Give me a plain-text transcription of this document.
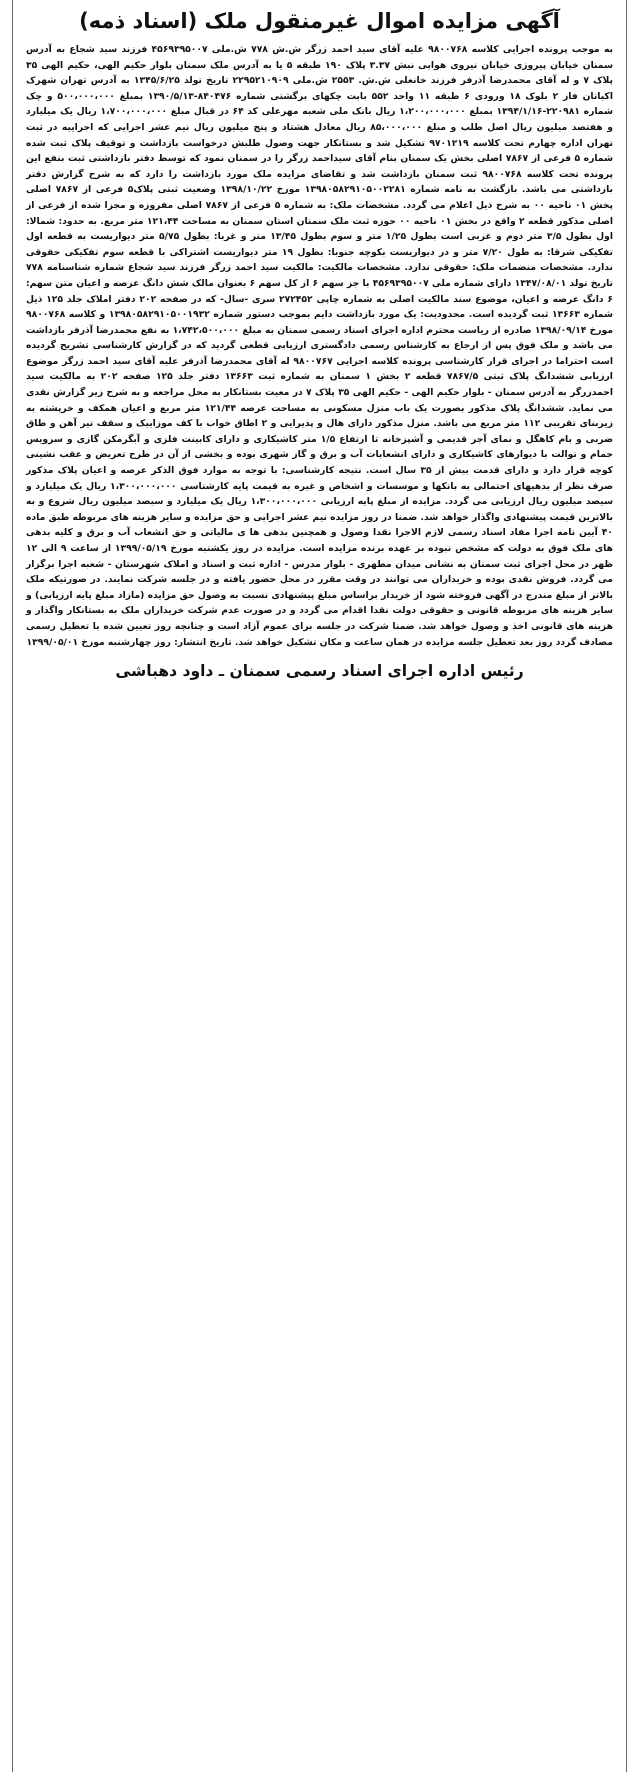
آگهی مزایده اموال غیرمنقول ملک (اسناد ذمه)

به موجب پرونده اجرایی کلاسه ۹۸۰۰۷۶۸ علیه آقای سید احمد زرگر ش.ش ۷۷۸ ش.ملی ۴۵۶۹۳۹۵۰۰۷ فرزند سید شجاع به آدرس سمنان خیابان پیروزی خیابان نیروی هوایی نبش ۳.۳۷ پلاک ۱۹۰ طبقه ۵ یا به آدرس ملک سمنان بلوار حکیم الهی، حکیم الهی ۳۵ پلاک ۷ و له آقای محمدرضا آذرفر فرزند خانعلی ش.ش. ۲۵۵۳ ش.ملی ۲۲۹۵۲۱۰۹۰۹ تاریخ تولد ۱۳۴۵/۶/۲۵ به آدرس تهران شهرک اکباتان فاز ۲ بلوک ۱۸ ورودی ۶ طبقه ۱۱ واحد ۵۵۲ بابت چکهای برگشتی شماره ۸۴۰۴۷۶-۱۳۹۰/۵/۱۳ بمبلغ ۵۰۰،۰۰۰،۰۰۰ و چک شماره ۲۲۰۹۸۱-۱۳۹۴/۱/۱۶ بمبلغ ۱،۲۰۰،۰۰۰،۰۰۰ ریال بانک ملی شعبه مهرعلی کد ۶۴ در قبال مبلغ ۱،۷۰۰،۰۰۰،۰۰۰ ریال یک میلیارد و هفتصد میلیون ریال اصل طلب و مبلغ ۸۵،۰۰۰،۰۰۰ ریال معادل هشتاد و پنج میلیون ریال نیم عشر اجرایی که اجراییه در ثبت تهران اداره چهارم تحت کلاسه ۹۷۰۱۲۱۹ تشکیل شد و بستانکار جهت وصول طلبش درخواست بازداشت و توقیف پلاک ثبت شده شماره ۵ فرعی از ۷۸۶۷ اصلی بخش یک سمنان بنام آقای سیداحمد زرگر را در سمنان نمود که توسط دفتر بازداشتی ثبت بنفع این پرونده تحت کلاسه ۹۸۰۰۷۶۸ ثبت سمنان بازداشت شد و تقاضای مزایده ملک مورد بازداشت را دارد که به شرح گزارش دفتر بازداشتی می باشد. بازگشت به نامه شماره ۱۳۹۸۰۵۸۲۹۱۰۵۰۰۲۲۸۱ مورخ ۱۳۹۸/۱۰/۲۲ وضعیت ثبتی پلاک۵ فرعی از ۷۸۶۷ اصلی پخش ۰۱ ناحیه ۰۰ به شرح ذیل اعلام می گردد. مشخصات ملک: به شماره ۵ فرعی از ۷۸۶۷ اصلی مفروزه و مجزا شده از فرعی از اصلی مذکور قطعه ۲ واقع در بخش ۰۱ ناحیه ۰۰ حوزه ثبت ملک سمنان استان سمنان به مساحت ۱۲۱،۴۴ متر مربع. به حدود: شمالا: اول بطول ۳/۵ متر دوم و غربی است بطول ۱/۲۵ متر و سوم بطول ۱۳/۴۵ متر و غربا: بطول ۵/۷۵ متر دیواریست به قطعه اول تفکیکی شرقا: به طول ۷/۲۰ متر و در دیواریست بکوچه جنوبا: بطول ۱۹ متر دیواریست اشتراکی با قطعه سوم تفکیکی حقوقی ندارد. مشخصات منضمات ملک: حقوقی ندارد. مشخصات مالکیت: مالکیت سید احمد زرگر فرزند سید شجاع شماره شناسنامه ۷۷۸ تاریخ تولد ۱۳۴۷/۰۸/۰۱ دارای شماره ملی ۴۵۶۹۳۹۵۰۰۷ با جز سهم ۶ از کل سهم ۶ بعنوان مالک شش دانگ عرصه و اعیان متن سهم: ۶ دانگ عرصه و اعیان، موضوع سند مالکیت اصلی به شماره چاپی ۲۷۲۴۵۲ سری -سال- که در صفحه ۲۰۲ دفتر املاک جلد ۱۲۵ ذیل شماره ۱۳۶۶۳ ثبت گردیده است. محدودیت: یک مورد بازداشت دایم بموجب دستور شماره ۱۳۹۸۰۵۸۲۹۱۰۵۰۰۱۹۳۲ و کلاسه ۹۸۰۰۷۶۸ مورخ ۱۳۹۸/۰۹/۱۴ صادره از ریاست محترم اداره اجرای اسناد رسمی سمنان به مبلغ ۱،۷۴۲،۵۰۰،۰۰۰ به نفع محمدرضا آذرفر بازداشت می باشد و ملک فوق پس از ارجاع به کارشناس رسمی دادگستری ارزیابی قطعی گردید که در گزارش کارشناسی تشریح گردیده است احتراما در اجرای قرار کارشناسی پرونده کلاسه اجرایی ۹۸۰۰۷۶۷ له آقای محمدرضا آذرفر علیه آقای سید احمد زرگر موضوع ارزیابی ششدانگ پلاک ثبتی ۷۸۶۷/۵ قطعه ۲ بخش ۱ سمنان به شماره ثبت ۱۳۶۶۳ دفتر جلد ۱۲۵ صفحه ۲۰۲ به مالکیت سید احمدزرگر به آدرس سمنان - بلوار حکیم الهی - حکیم الهی ۳۵ پلاک ۷ در معیت بستانکار به محل مراجعه و به شرح زیر گزارش نقدی می نماید. ششدانگ پلاک مذکور بصورت یک باب منزل مسکونی به مساحت عرصه ۱۲۱/۴۴ متر مربع و اعیان همکف و خرپشته به زیربنای تقریبی ۱۱۲ متر مربع می باشد. منزل مذکور دارای هال و پذیرایی و ۲ اطاق خواب با کف موزاییک و سقف تیر آهن و طاق ضربی و بام کاهگل و نمای آجر قدیمی و آشپزخانه تا ارتفاع ۱/۵ متر کاشیکاری و دارای کابینت فلزی و آبگرمکن گازی و سرویس حمام و توالت با دیوارهای کاشیکاری و دارای انشعابات آب و برق و گاز شهری بوده و بخشی از آن در طرح تعریض و عقب نشینی کوچه قرار دارد و دارای قدمت بیش از ۳۵ سال است. نتیجه کارشناسی: با توجه به موارد فوق الذکر عرصه و اعیان پلاک مذکور صرف نظر از بدهیهای احتمالی به بانکها و موسسات و اشخاص و غیره به قیمت پایه کارشناسی ۱،۳۰۰،۰۰۰،۰۰۰ ریال یک میلیارد و سیصد میلیون ریال ارزیابی می گردد. مزایده از مبلغ پایه ارزیابی ۱،۳۰۰،۰۰۰،۰۰۰ ریال یک میلیارد و سیصد میلیون ریال شروع و به بالاترین قیمت پیشنهادی واگذار خواهد شد. ضمنا در روز مزایده نیم عشر اجرایی و حق مزایده و سایر هزینه های مربوطه طبق ماده ۴۰ آیین نامه اجرا مفاد اسناد رسمی لازم الاجرا نقدا وصول و همچنین بدهی ها ی مالیاتی و حق انشعاب آب و برق و کلیه بدهی های ملک فوق به دولت که مشخص نبوده بر عهده برنده مزایده است. مزایده در روز یکشنبه مورخ ۱۳۹۹/۰۵/۱۹ از ساعت ۹ الی ۱۲ ظهر در محل اجرای ثبت سمنان به نشانی میدان مطهری - بلوار مدرس - اداره ثبت و اسناد و املاک شهرستان - شعبه اجرا برگزار می گردد. فروش نقدی بوده و خریداران می توانند در وقت مقرر در محل حضور یافته و در جلسه شرکت نمایند. در صورتیکه ملک بالاتر از مبلغ مندرج در آگهی فروخته شود از خریدار براساس مبلغ پیشنهادی نسبت به وصول حق مزایده (مازاد مبلغ پایه ارزیابی) و سایر هزینه های مربوطه قانونی و حقوقی دولت نقدا اقدام می گردد و در صورت عدم شرکت خریداران ملک به بستانکار واگذار و هزینه های قانونی اخذ و وصول خواهد شد. ضمنا شرکت در جلسه برای عموم آزاد است و چنانچه روز تعیین شده با تعطیل رسمی مصادف گردد روز بعد تعطیل جلسه مزایده در همان ساعت و مکان تشکیل خواهد شد. تاریخ انتشار: روز چهارشنبه مورخ ۱۳۹۹/۰۵/۰۱

رئیس اداره اجرای اسناد رسمی سمنان ـ داود دهباشی
